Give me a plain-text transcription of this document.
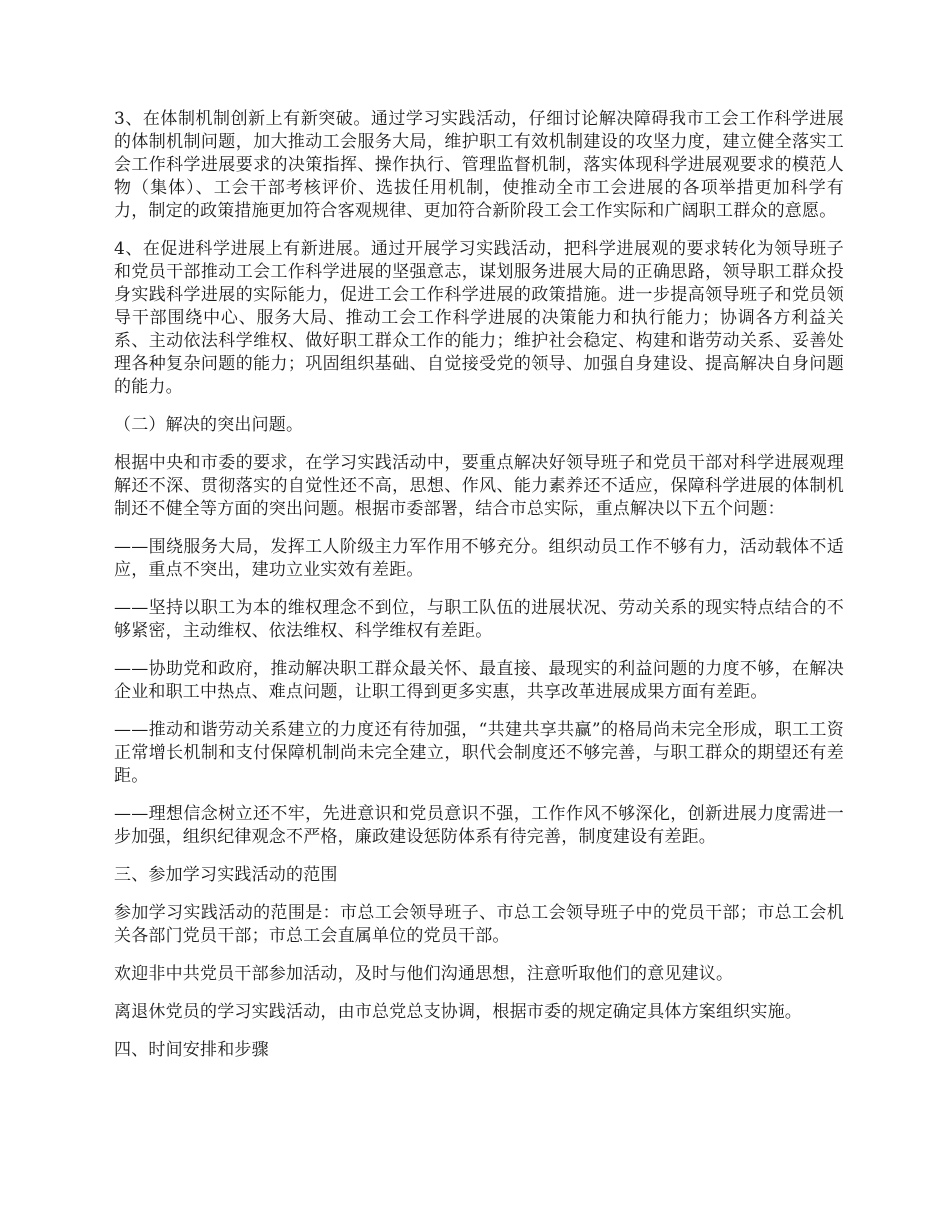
3、在体制机制创新上有新突破。通过学习实践活动，仔细讨论解决障碍我市工会工作科学进展的体制机制问题，加大推动工会服务大局，维护职工有效机制建设的攻坚力度，建立健全落实工会工作科学进展要求的决策指挥、操作执行、管理监督机制，落实体现科学进展观要求的模范人物（集体）、工会干部考核评价、选拔任用机制，使推动全市工会进展的各项举措更加科学有力，制定的政策措施更加符合客观规律、更加符合新阶段工会工作实际和广阔职工群众的意愿。

4、在促进科学进展上有新进展。通过开展学习实践活动，把科学进展观的要求转化为领导班子和党员干部推动工会工作科学进展的坚强意志，谋划服务进展大局的正确思路，领导职工群众投身实践科学进展的实际能力，促进工会工作科学进展的政策措施。进一步提高领导班子和党员领导干部围绕中心、服务大局、推动工会工作科学进展的决策能力和执行能力；协调各方利益关系、主动依法科学维权、做好职工群众工作的能力；维护社会稳定、构建和谐劳动关系、妥善处理各种复杂问题的能力；巩固组织基础、自觉接受党的领导、加强自身建设、提高解决自身问题的能力。

（二）解决的突出问题。

根据中央和市委的要求，在学习实践活动中，要重点解决好领导班子和党员干部对科学进展观理解还不深、贯彻落实的自觉性还不高，思想、作风、能力素养还不适应，保障科学进展的体制机制还不健全等方面的突出问题。根据市委部署，结合市总实际，重点解决以下五个问题：

——围绕服务大局，发挥工人阶级主力军作用不够充分。组织动员工作不够有力，活动载体不适应，重点不突出，建功立业实效有差距。

——坚持以职工为本的维权理念不到位，与职工队伍的进展状况、劳动关系的现实特点结合的不够紧密，主动维权、依法维权、科学维权有差距。

——协助党和政府，推动解决职工群众最关怀、最直接、最现实的利益问题的力度不够，在解决企业和职工中热点、难点问题，让职工得到更多实惠，共享改革进展成果方面有差距。

——推动和谐劳动关系建立的力度还有待加强，“共建共享共赢”的格局尚未完全形成，职工工资正常增长机制和支付保障机制尚未完全建立，职代会制度还不够完善，与职工群众的期望还有差距。

——理想信念树立还不牢，先进意识和党员意识不强，工作作风不够深化，创新进展力度需进一步加强，组织纪律观念不严格，廉政建设惩防体系有待完善，制度建设有差距。

三、参加学习实践活动的范围

参加学习实践活动的范围是：市总工会领导班子、市总工会领导班子中的党员干部；市总工会机关各部门党员干部；市总工会直属单位的党员干部。

欢迎非中共党员干部参加活动，及时与他们沟通思想，注意听取他们的意见建议。

离退休党员的学习实践活动，由市总党总支协调，根据市委的规定确定具体方案组织实施。

四、时间安排和步骤
